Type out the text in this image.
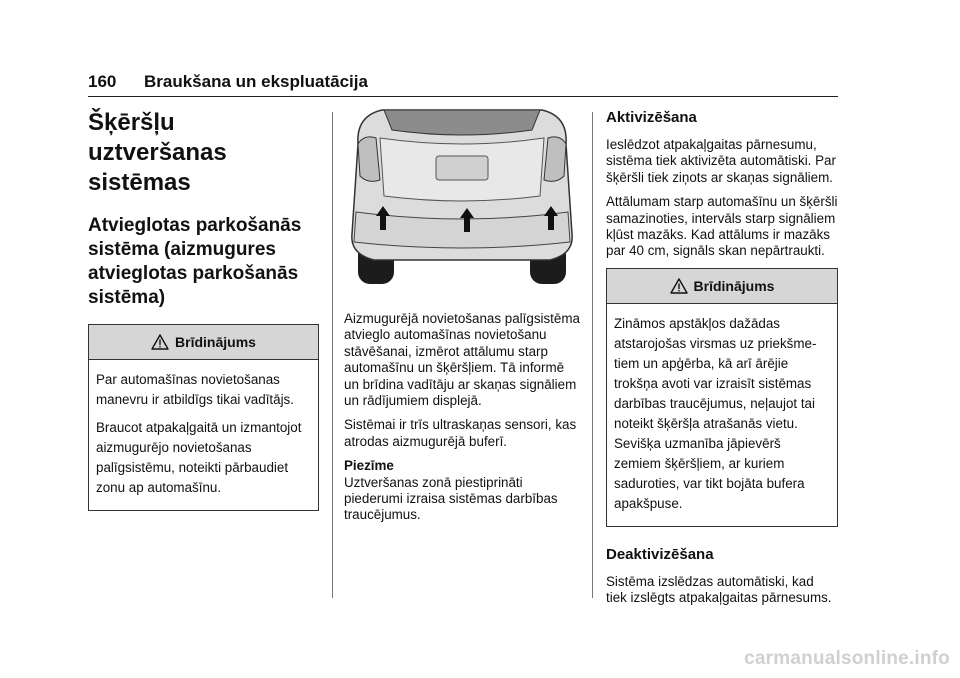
160 Braukšana un ekspluatācija
Šķēršļu uztveršanas sistēmas
Atvieglotas parkošanās sistēma (aizmugures atvieglotas parkošanās sistēma)
Brīdinājums

Par automašīnas novietošanas manevru ir atbildīgs tikai vadītājs.

Braucot atpakaļgaitā un izmantojot aizmugurējo novietošanas palīgsistēmu, noteikti pārbaudiet zonu ap automašīnu.

Aizmugurējā novietošanas palīgsistēma atvieglo automašīnas novietošanu stāvēšanai, izmērot attālumu starp automašīnu un šķēršļiem. Tā informē un brīdina vadītāju ar skaņas signāliem un rādījumiem displejā.

Sistēmai ir trīs ultraskaņas sensori, kas atrodas aizmugurējā buferī.

Piezīme

Uztveršanas zonā piestiprināti piederumi izraisa sistēmas darbības traucējumus.

Aktivizēšana

Ieslēdzot atpakaļgaitas pārnesumu, sistēma tiek aktivizēta automātiski. Par šķēršli tiek ziņots ar skaņas signāliem.

Attālumam starp automašīnu un šķēršli samazinoties, intervāls starp signāliem kļūst mazāks. Kad attālums ir mazāks par 40 cm, signāls skan nepārtraukti.

Brīdinājums

Zināmos apstākļos dažādas atstarojošas virsmas uz priekšmetiem un apģērba, kā arī ārējie trokšņa avoti var izraisīt sistēmas darbības traucējumus, neļaujot tai noteikt šķēršļa atrašanās vietu. Sevišķa uzmanība jāpievērš zemiem šķēršļiem, ar kuriem saduroties, var tikt bojāta bufera apakšpuse.

Deaktivizēšana

Sistēma izslēdzas automātiski, kad tiek izslēgts atpakaļgaitas pārnesums.

carmanualsonline.info
